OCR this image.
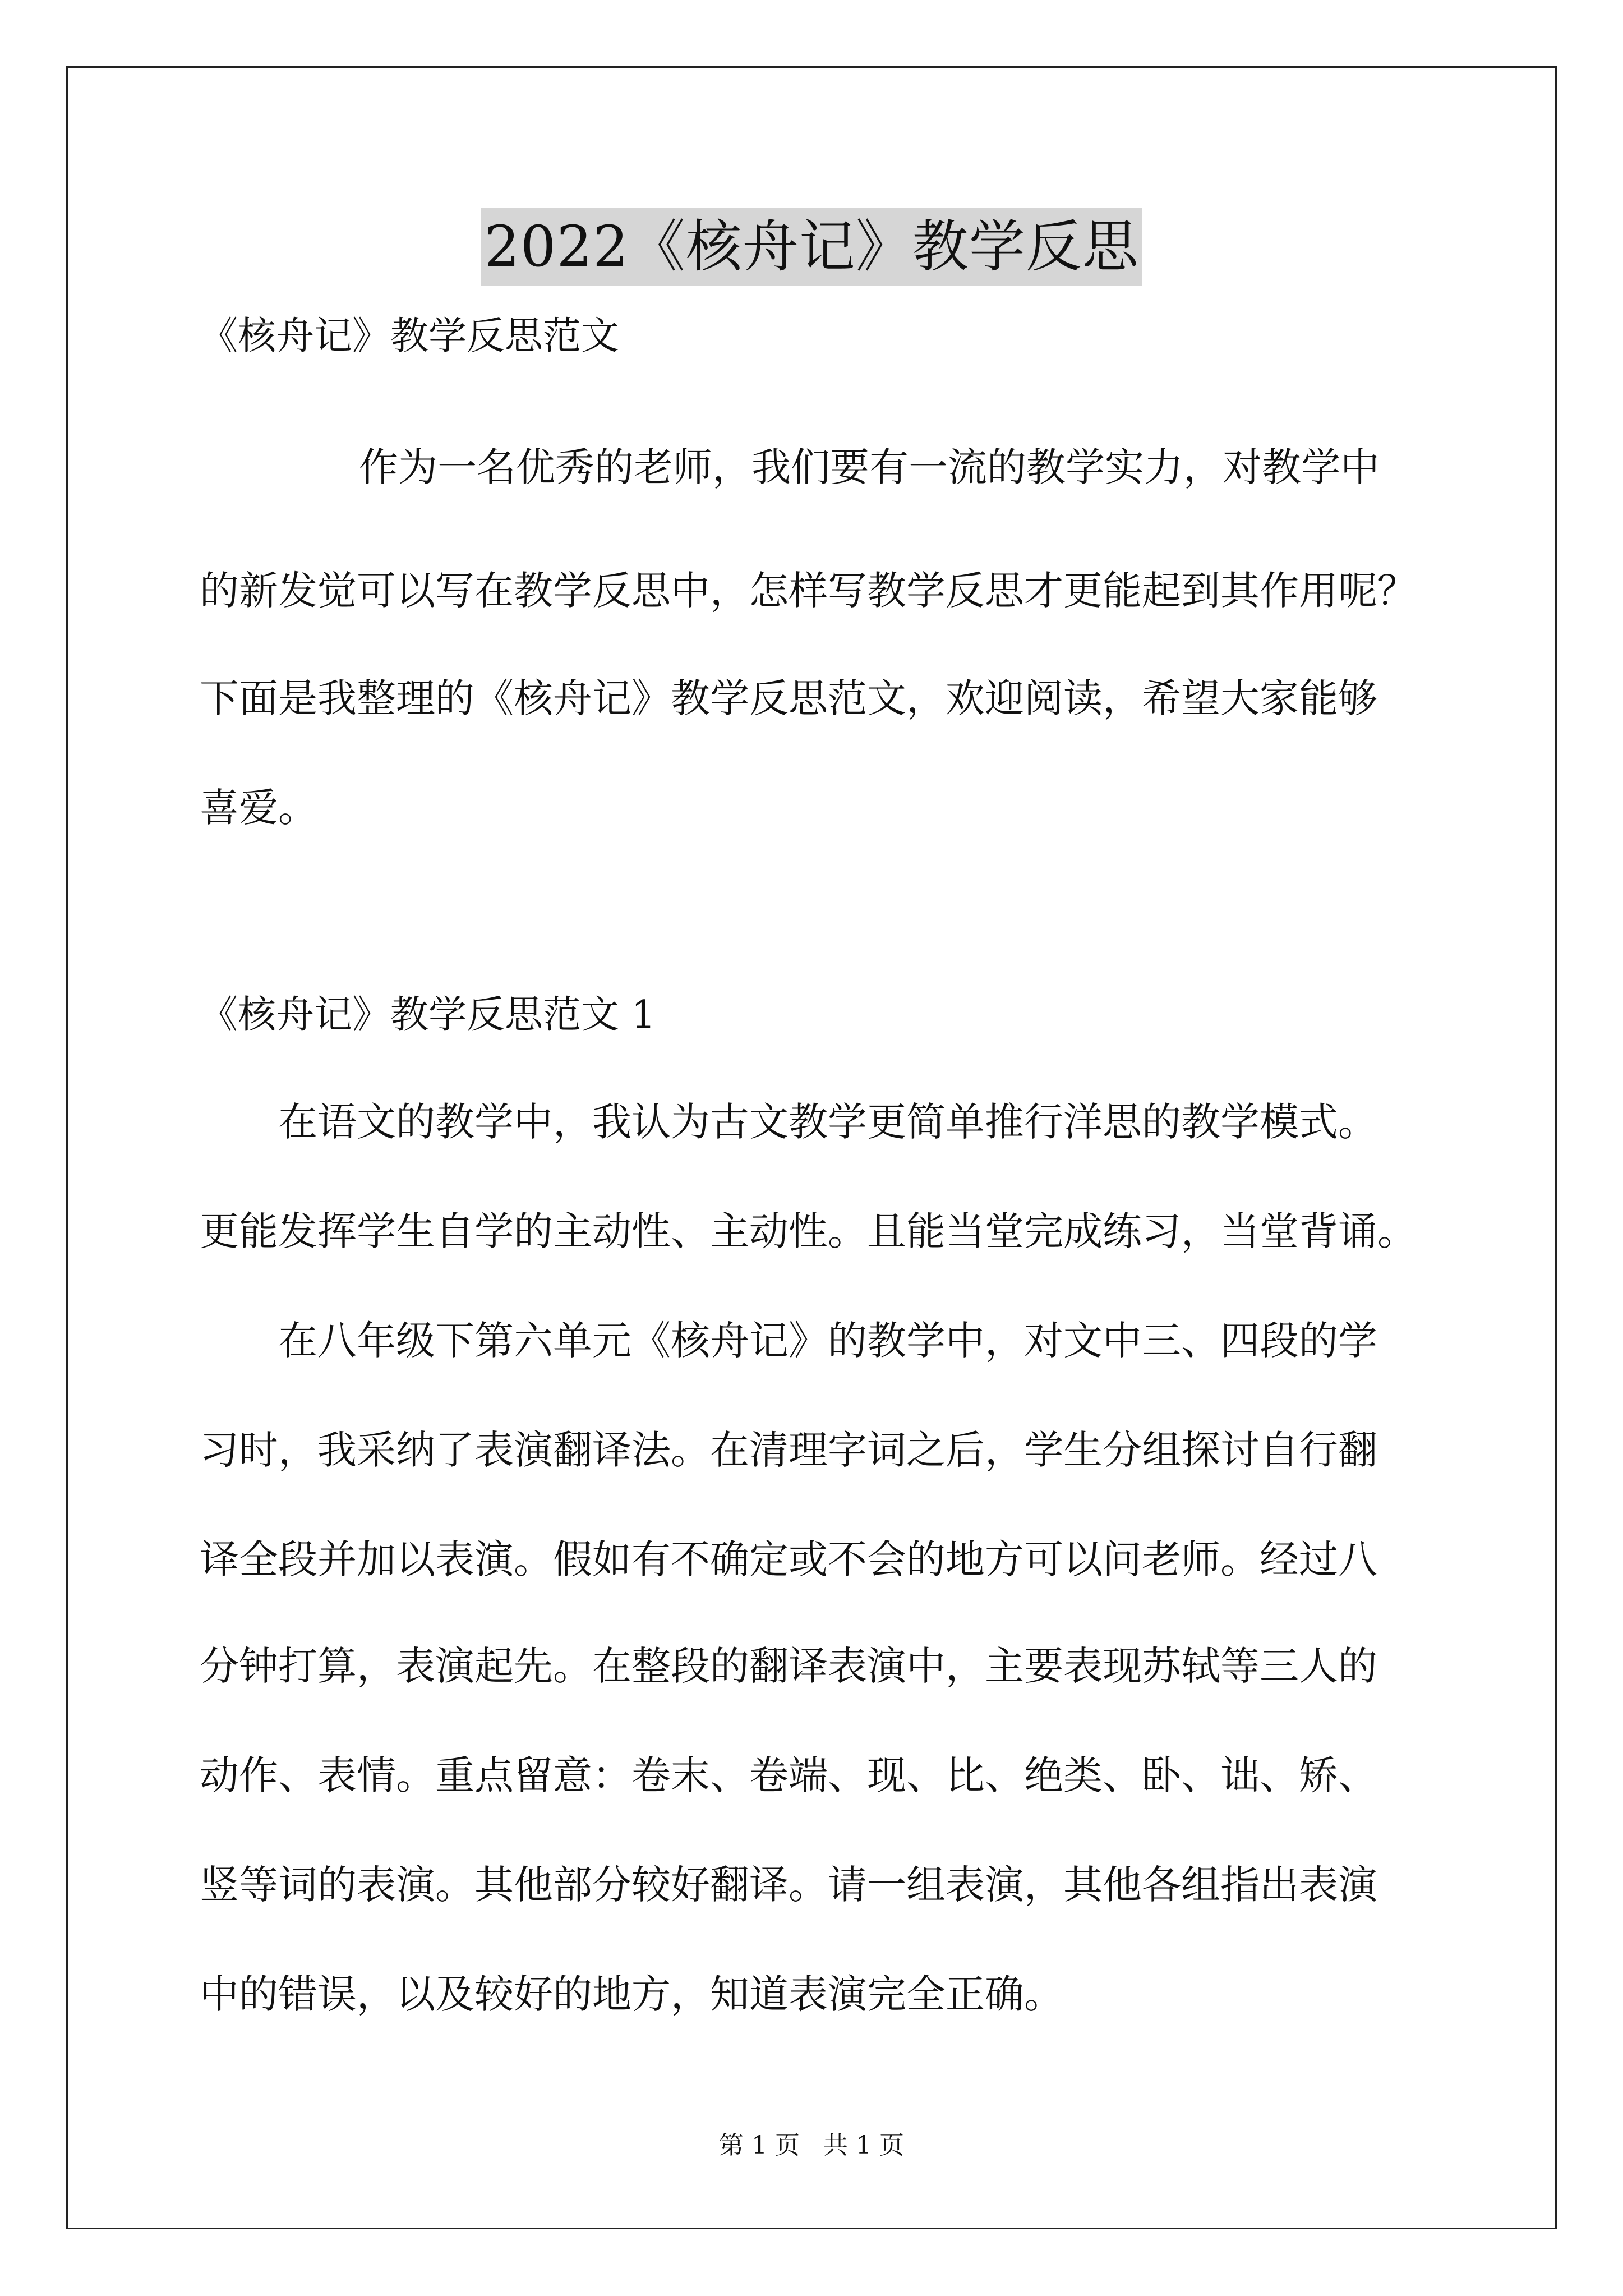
2022《核舟记》教学反思
《核舟记》教学反思范文
作为一名优秀的老师，我们要有一流的教学实力，对教学中
的新发觉可以写在教学反思中，怎样写教学反思才更能起到其作用呢？
下面是我整理的《核舟记》教学反思范文，欢迎阅读，希望大家能够
喜爱。
《核舟记》教学反思范文 1
在语文的教学中，我认为古文教学更简单推行洋思的教学模式。
更能发挥学生自学的主动性、主动性。且能当堂完成练习，当堂背诵。
在八年级下第六单元《核舟记》的教学中，对文中三、四段的学
习时，我采纳了表演翻译法。在清理字词之后，学生分组探讨自行翻
译全段并加以表演。假如有不确定或不会的地方可以问老师。经过八
分钟打算，表演起先。在整段的翻译表演中，主要表现苏轼等三人的
动作、表情。重点留意：卷末、卷端、现、比、绝类、卧、诎、矫、
竖等词的表演。其他部分较好翻译。请一组表演，其他各组指出表演
中的错误，以及较好的地方，知道表演完全正确。
第 1 页 共 1 页
